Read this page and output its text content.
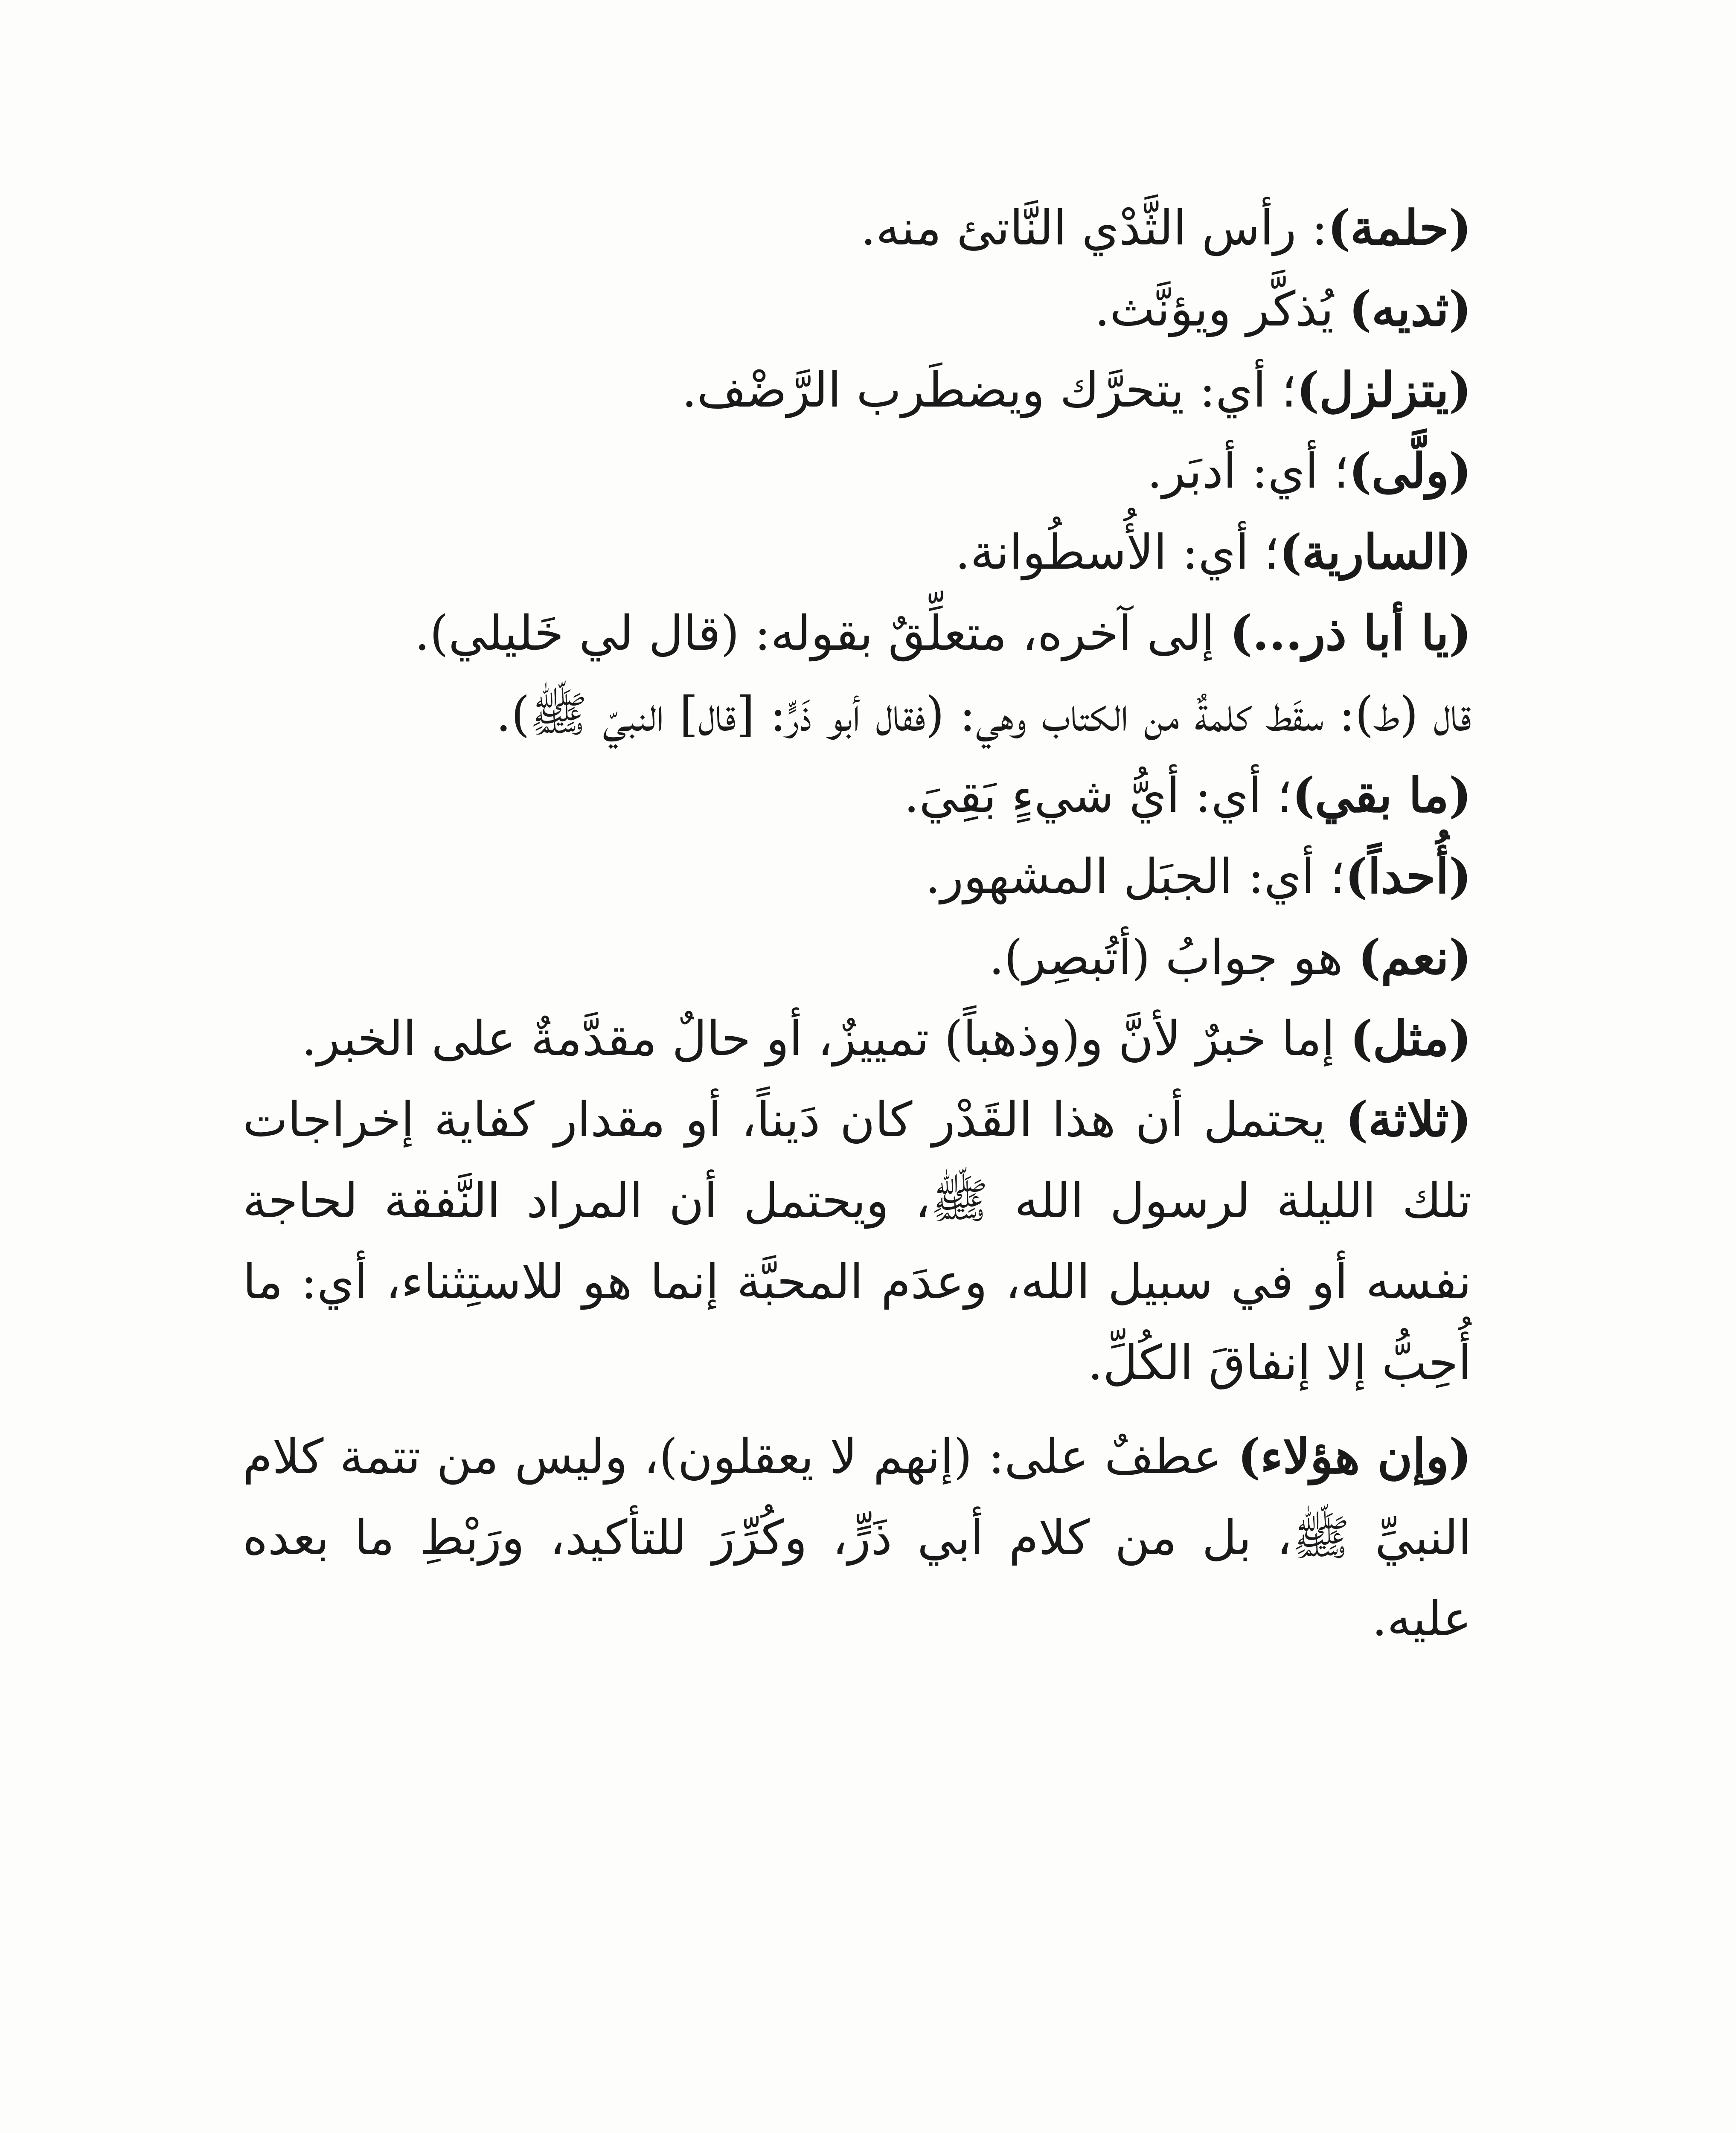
(حلمة): رأس الثَّدْي النَّاتئ منه.

(ثديه) يُذكَّر ويؤنَّث.

(يتزلزل)؛ أي: يتحرَّك ويضطَرب الرَّضْف.

(ولَّى)؛ أي: أدبَر.

(السارية)؛ أي: الأُسطُوانة.

(يا أبا ذر...) إلى آخره، متعلِّقٌ بقوله: (قال لي خَليلي).

قال (ط): سقَط كلمةٌ من الكتاب وهي: (فقال أبو ذَرٍّ: [قال] النبيّ ﷺ).

(ما بقي)؛ أي: أيُّ شيءٍ بَقِيَ.

(أُحداً)؛ أي: الجبَل المشهور.

(نعم) هو جوابُ (أتُبصِر).

(مثل) إما خبرٌ لأنَّ و(وذهباً) تمييزٌ، أو حالٌ مقدَّمةٌ على الخبر.

(ثلاثة) يحتمل أن هذا القَدْر كان دَيناً، أو مقدار كفاية إخراجات تلك الليلة لرسول الله ﷺ، ويحتمل أن المراد النَّفقة لحاجة نفسه أو في سبيل الله، وعدَم المحبَّة إنما هو للاستِثناء، أي: ما أُحِبُّ إلا إنفاقَ الكُلِّ.

(وإن هؤلاء) عطفٌ على: (إنهم لا يعقلون)، وليس من تتمة كلام النبيِّ ﷺ، بل من كلام أبي ذَرٍّ، وكُرِّرَ للتأكيد، ورَبْطِ ما بعده عليه.
